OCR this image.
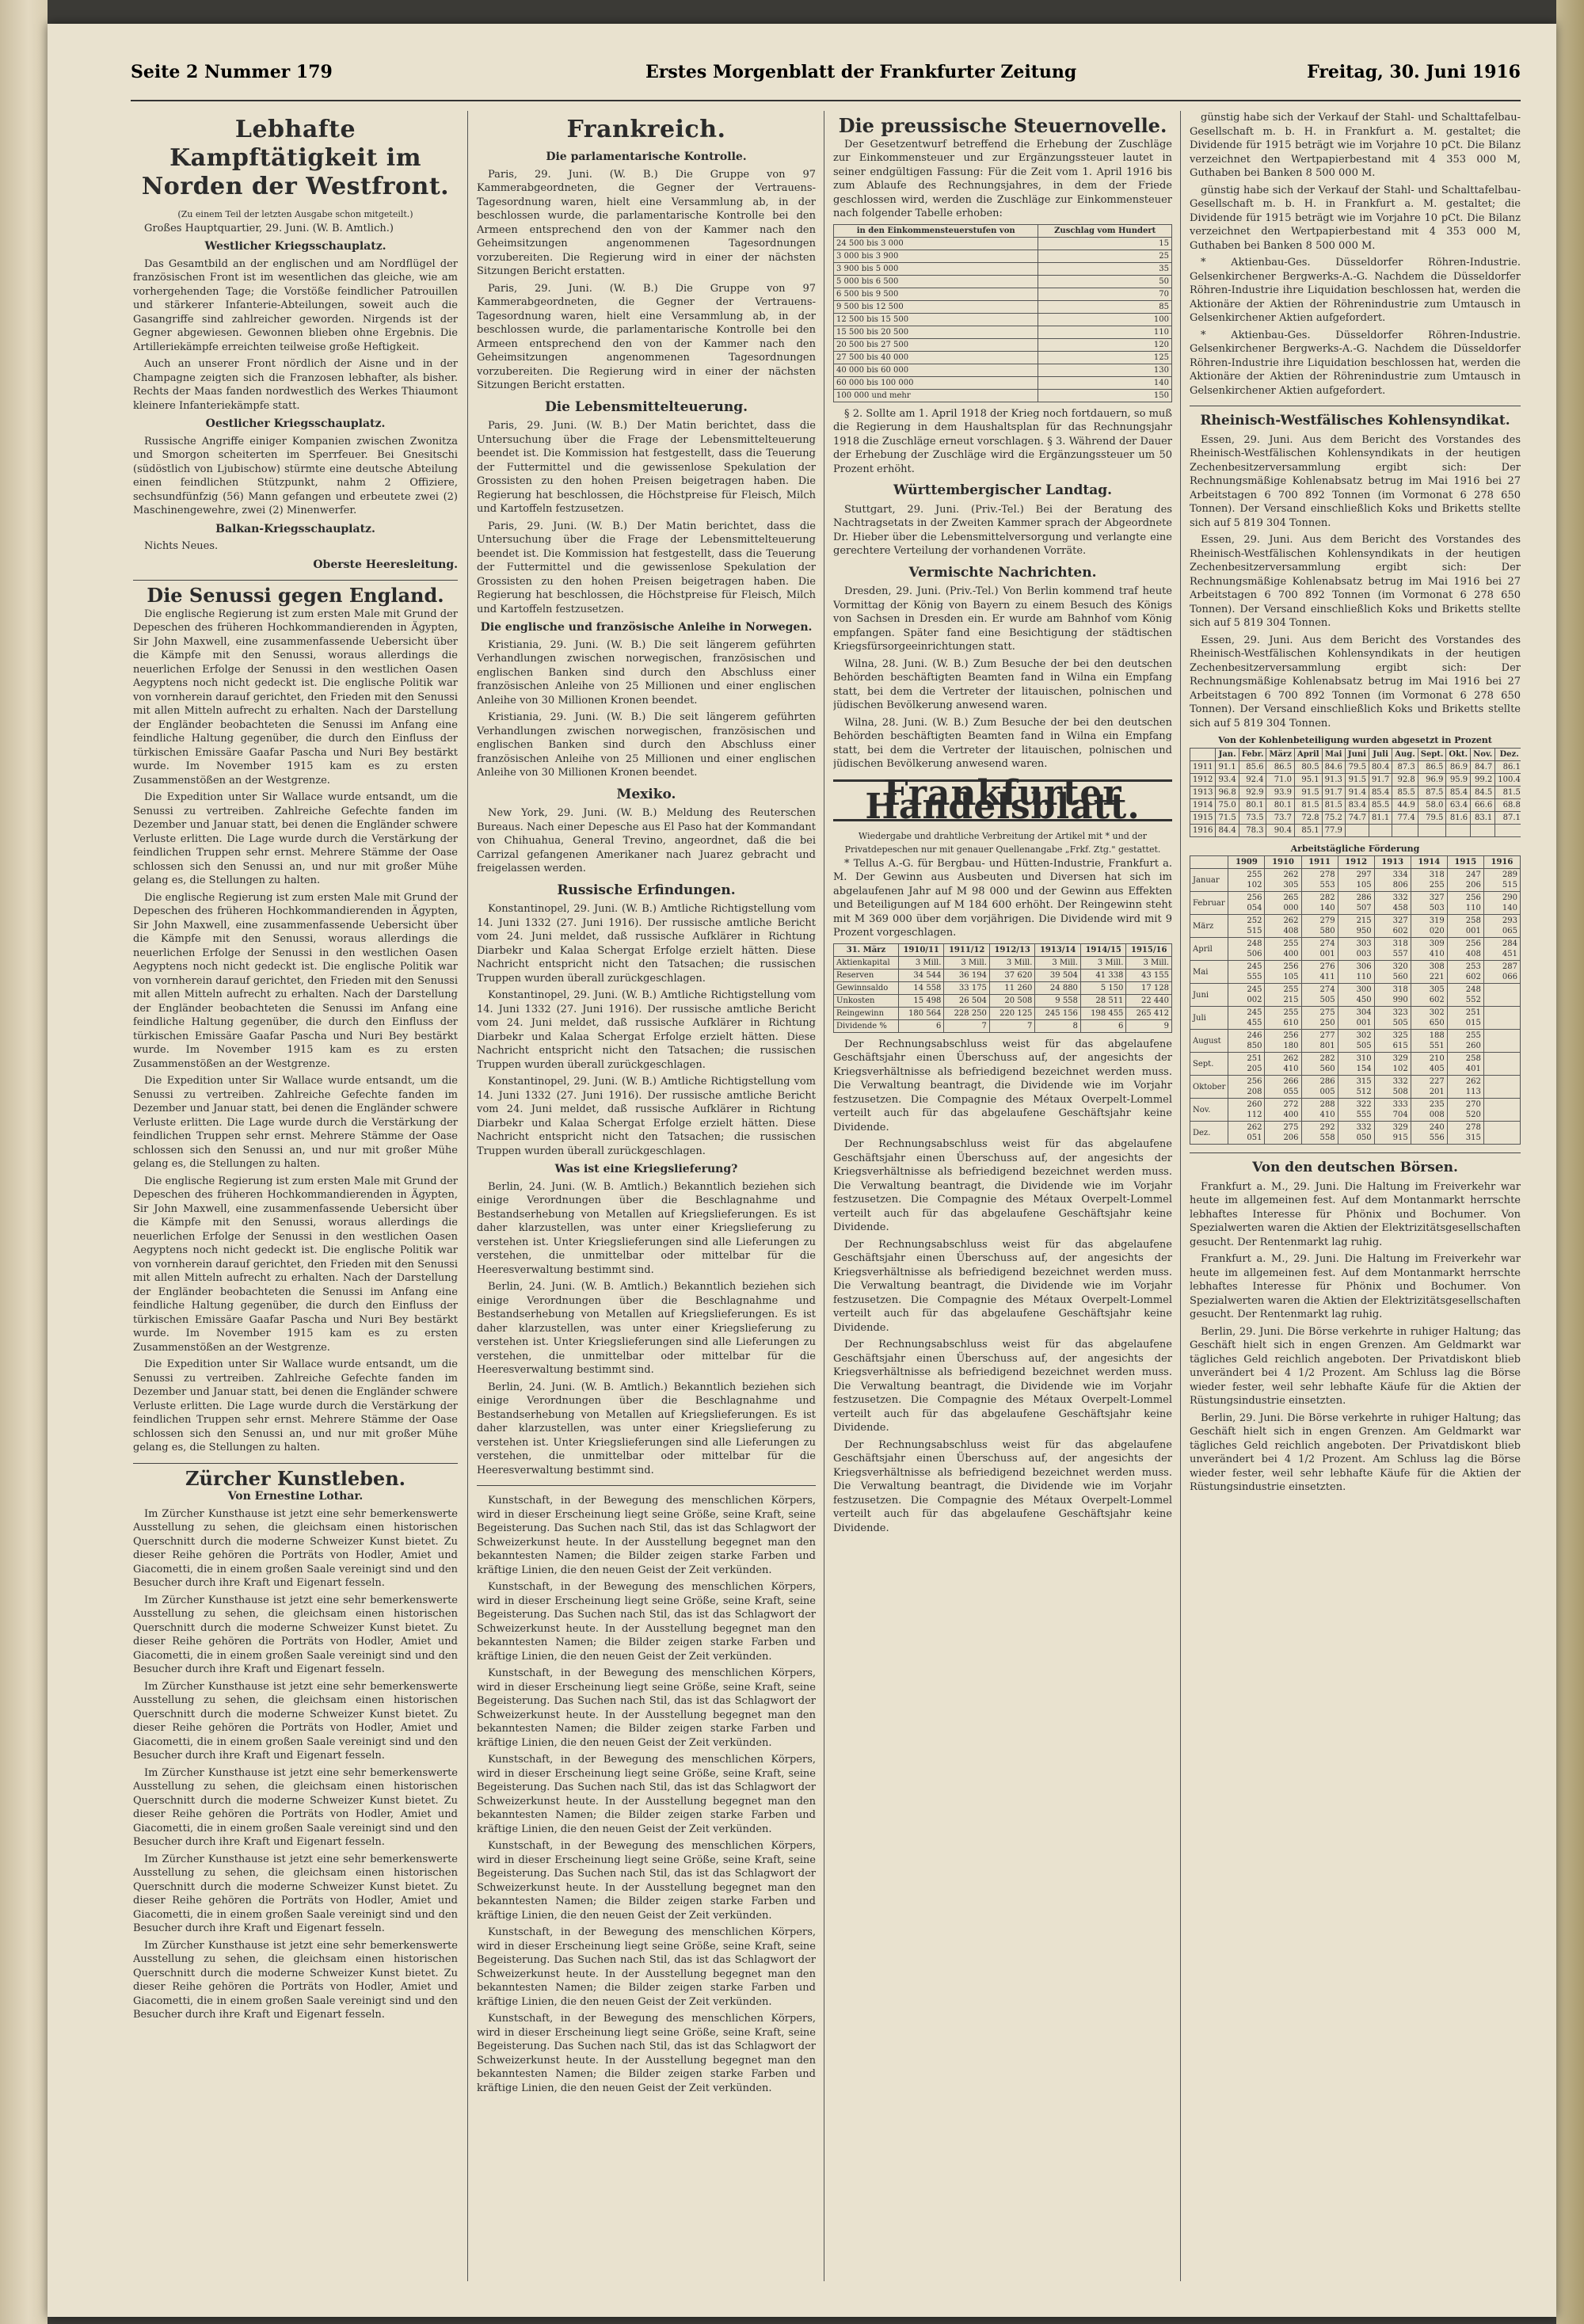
Seite 2 Nummer 179	Erstes Morgenblatt der Frankfurter Zeitung	Freitag, 30. Juni 1916
Lebhafte Kampftätigkeit im Norden der Westfront.
(Zu einem Teil der letzten Ausgabe schon mitgeteilt.)

Großes Hauptquartier, 29. Juni. (W. B. Amtlich.)

Westlicher Kriegsschauplatz.

Das Gesamtbild an der englischen und am Nordflügel der französischen Front ist im wesentlichen das gleiche, wie am vorhergehenden Tage; die Vorstöße feindlicher Patrouillen und stärkerer Infanterie-Abteilungen, soweit auch die Gasangriffe sind zahlreicher geworden. Nirgends ist der Gegner abgewiesen. Gewonnen blieben ohne Ergebnis. Die Artilleriekämpfe erreichten teilweise große Heftigkeit.

Auch an unserer Front nördlich der Aisne und in der Champagne zeigten sich die Franzosen lebhafter, als bisher. Rechts der Maas fanden nordwestlich des Werkes Thiaumont kleinere Infanteriekämpfe statt.

Oestlicher Kriegsschauplatz.

Russische Angriffe einiger Kompanien zwischen Zwonitza und Smorgon scheiterten im Sperrfeuer. Bei Gnesitschi (südöstlich von Ljubischow) stürmte eine deutsche Abteilung einen feindlichen Stützpunkt, nahm 2 Offiziere, sechsundfünfzig (56) Mann gefangen und erbeutete zwei (2) Maschinengewehre, zwei (2) Minenwerfer.

Balkan-Kriegsschauplatz.

Nichts Neues.

Oberste Heeresleitung.
Die Senussi gegen England.

Die englische Regierung ist zum ersten Male mit Grund der Depeschen des früheren Hochkommandierenden in Ägypten, Sir John Maxwell, eine zusammenfassende Uebersicht über die Kämpfe mit den Senussi, woraus allerdings die neuerlichen Erfolge der Senussi in den westlichen Oasen Aegyptens noch nicht gedeckt ist. Die englische Politik war von vornherein darauf gerichtet, den Frieden mit den Senussi mit allen Mitteln aufrecht zu erhalten. Nach der Darstellung der Engländer beobachteten die Senussi im Anfang eine feindliche Haltung gegenüber, die durch den Einfluss der türkischen Emissäre Gaafar Pascha und Nuri Bey bestärkt wurde. Im November 1915 kam es zu ersten Zusammenstößen an der Westgrenze.

Die Expedition unter Sir Wallace wurde entsandt, um die Senussi zu vertreiben. Zahlreiche Gefechte fanden im Dezember und Januar statt, bei denen die Engländer schwere Verluste erlitten. Die Lage wurde durch die Verstärkung der feindlichen Truppen sehr ernst. Mehrere Stämme der Oase schlossen sich den Senussi an, und nur mit großer Mühe gelang es, die Stellungen zu halten.

Die englische Regierung ist zum ersten Male mit Grund der Depeschen des früheren Hochkommandierenden in Ägypten, Sir John Maxwell, eine zusammenfassende Uebersicht über die Kämpfe mit den Senussi, woraus allerdings die neuerlichen Erfolge der Senussi in den westlichen Oasen Aegyptens noch nicht gedeckt ist. Die englische Politik war von vornherein darauf gerichtet, den Frieden mit den Senussi mit allen Mitteln aufrecht zu erhalten. Nach der Darstellung der Engländer beobachteten die Senussi im Anfang eine feindliche Haltung gegenüber, die durch den Einfluss der türkischen Emissäre Gaafar Pascha und Nuri Bey bestärkt wurde. Im November 1915 kam es zu ersten Zusammenstößen an der Westgrenze.

Die Expedition unter Sir Wallace wurde entsandt, um die Senussi zu vertreiben. Zahlreiche Gefechte fanden im Dezember und Januar statt, bei denen die Engländer schwere Verluste erlitten. Die Lage wurde durch die Verstärkung der feindlichen Truppen sehr ernst. Mehrere Stämme der Oase schlossen sich den Senussi an, und nur mit großer Mühe gelang es, die Stellungen zu halten.

Die englische Regierung ist zum ersten Male mit Grund der Depeschen des früheren Hochkommandierenden in Ägypten, Sir John Maxwell, eine zusammenfassende Uebersicht über die Kämpfe mit den Senussi, woraus allerdings die neuerlichen Erfolge der Senussi in den westlichen Oasen Aegyptens noch nicht gedeckt ist. Die englische Politik war von vornherein darauf gerichtet, den Frieden mit den Senussi mit allen Mitteln aufrecht zu erhalten. Nach der Darstellung der Engländer beobachteten die Senussi im Anfang eine feindliche Haltung gegenüber, die durch den Einfluss der türkischen Emissäre Gaafar Pascha und Nuri Bey bestärkt wurde. Im November 1915 kam es zu ersten Zusammenstößen an der Westgrenze.

Die Expedition unter Sir Wallace wurde entsandt, um die Senussi zu vertreiben. Zahlreiche Gefechte fanden im Dezember und Januar statt, bei denen die Engländer schwere Verluste erlitten. Die Lage wurde durch die Verstärkung der feindlichen Truppen sehr ernst. Mehrere Stämme der Oase schlossen sich den Senussi an, und nur mit großer Mühe gelang es, die Stellungen zu halten.

Zürcher Kunstleben.
Von Ernestine Lothar.

Im Zürcher Kunsthause ist jetzt eine sehr bemerkenswerte Ausstellung zu sehen, die gleichsam einen historischen Querschnitt durch die moderne Schweizer Kunst bietet. Zu dieser Reihe gehören die Porträts von Hodler, Amiet und Giacometti, die in einem großen Saale vereinigt sind und den Besucher durch ihre Kraft und Eigenart fesseln.

Im Zürcher Kunsthause ist jetzt eine sehr bemerkenswerte Ausstellung zu sehen, die gleichsam einen historischen Querschnitt durch die moderne Schweizer Kunst bietet. Zu dieser Reihe gehören die Porträts von Hodler, Amiet und Giacometti, die in einem großen Saale vereinigt sind und den Besucher durch ihre Kraft und Eigenart fesseln.

Im Zürcher Kunsthause ist jetzt eine sehr bemerkenswerte Ausstellung zu sehen, die gleichsam einen historischen Querschnitt durch die moderne Schweizer Kunst bietet. Zu dieser Reihe gehören die Porträts von Hodler, Amiet und Giacometti, die in einem großen Saale vereinigt sind und den Besucher durch ihre Kraft und Eigenart fesseln.

Im Zürcher Kunsthause ist jetzt eine sehr bemerkenswerte Ausstellung zu sehen, die gleichsam einen historischen Querschnitt durch die moderne Schweizer Kunst bietet. Zu dieser Reihe gehören die Porträts von Hodler, Amiet und Giacometti, die in einem großen Saale vereinigt sind und den Besucher durch ihre Kraft und Eigenart fesseln.

Im Zürcher Kunsthause ist jetzt eine sehr bemerkenswerte Ausstellung zu sehen, die gleichsam einen historischen Querschnitt durch die moderne Schweizer Kunst bietet. Zu dieser Reihe gehören die Porträts von Hodler, Amiet und Giacometti, die in einem großen Saale vereinigt sind und den Besucher durch ihre Kraft und Eigenart fesseln.

Im Zürcher Kunsthause ist jetzt eine sehr bemerkenswerte Ausstellung zu sehen, die gleichsam einen historischen Querschnitt durch die moderne Schweizer Kunst bietet. Zu dieser Reihe gehören die Porträts von Hodler, Amiet und Giacometti, die in einem großen Saale vereinigt sind und den Besucher durch ihre Kraft und Eigenart fesseln.

Frankreich.
Die parlamentarische Kontrolle.

Paris, 29. Juni. (W. B.) Die Gruppe von 97 Kammerabgeordneten, die Gegner der Vertrauens-Tagesordnung waren, hielt eine Versammlung ab, in der beschlossen wurde, die parlamentarische Kontrolle bei den Armeen entsprechend den von der Kammer nach den Geheimsitzungen angenommenen Tagesordnungen vorzubereiten. Die Regierung wird in einer der nächsten Sitzungen Bericht erstatten.

Paris, 29. Juni. (W. B.) Die Gruppe von 97 Kammerabgeordneten, die Gegner der Vertrauens-Tagesordnung waren, hielt eine Versammlung ab, in der beschlossen wurde, die parlamentarische Kontrolle bei den Armeen entsprechend den von der Kammer nach den Geheimsitzungen angenommenen Tagesordnungen vorzubereiten. Die Regierung wird in einer der nächsten Sitzungen Bericht erstatten.

Die Lebensmittelteuerung.

Paris, 29. Juni. (W. B.) Der Matin berichtet, dass die Untersuchung über die Frage der Lebensmittelteuerung beendet ist. Die Kommission hat festgestellt, dass die Teuerung der Futtermittel und die gewissenlose Spekulation der Grossisten zu den hohen Preisen beigetragen haben. Die Regierung hat beschlossen, die Höchstpreise für Fleisch, Milch und Kartoffeln festzusetzen.

Paris, 29. Juni. (W. B.) Der Matin berichtet, dass die Untersuchung über die Frage der Lebensmittelteuerung beendet ist. Die Kommission hat festgestellt, dass die Teuerung der Futtermittel und die gewissenlose Spekulation der Grossisten zu den hohen Preisen beigetragen haben. Die Regierung hat beschlossen, die Höchstpreise für Fleisch, Milch und Kartoffeln festzusetzen.

Die englische und französische Anleihe in Norwegen.

Kristiania, 29. Juni. (W. B.) Die seit längerem geführten Verhandlungen zwischen norwegischen, französischen und englischen Banken sind durch den Abschluss einer französischen Anleihe von 25 Millionen und einer englischen Anleihe von 30 Millionen Kronen beendet.

Kristiania, 29. Juni. (W. B.) Die seit längerem geführten Verhandlungen zwischen norwegischen, französischen und englischen Banken sind durch den Abschluss einer französischen Anleihe von 25 Millionen und einer englischen Anleihe von 30 Millionen Kronen beendet.

Mexiko.

New York, 29. Juni. (W. B.) Meldung des Reuterschen Bureaus. Nach einer Depesche aus El Paso hat der Kommandant von Chihuahua, General Trevino, angeordnet, daß die bei Carrizal gefangenen Amerikaner nach Juarez gebracht und freigelassen werden.

Russische Erfindungen.

Konstantinopel, 29. Juni. (W. B.) Amtliche Richtigstellung vom 14. Juni 1332 (27. Juni 1916). Der russische amtliche Bericht vom 24. Juni meldet, daß russische Aufklärer in Richtung Diarbekr und Kalaa Schergat Erfolge erzielt hätten. Diese Nachricht entspricht nicht den Tatsachen; die russischen Truppen wurden überall zurückgeschlagen.

Konstantinopel, 29. Juni. (W. B.) Amtliche Richtigstellung vom 14. Juni 1332 (27. Juni 1916). Der russische amtliche Bericht vom 24. Juni meldet, daß russische Aufklärer in Richtung Diarbekr und Kalaa Schergat Erfolge erzielt hätten. Diese Nachricht entspricht nicht den Tatsachen; die russischen Truppen wurden überall zurückgeschlagen.

Konstantinopel, 29. Juni. (W. B.) Amtliche Richtigstellung vom 14. Juni 1332 (27. Juni 1916). Der russische amtliche Bericht vom 24. Juni meldet, daß russische Aufklärer in Richtung Diarbekr und Kalaa Schergat Erfolge erzielt hätten. Diese Nachricht entspricht nicht den Tatsachen; die russischen Truppen wurden überall zurückgeschlagen.

Was ist eine Kriegslieferung?

Berlin, 24. Juni. (W. B. Amtlich.) Bekanntlich beziehen sich einige Verordnungen über die Beschlagnahme und Bestandserhebung von Metallen auf Kriegslieferungen. Es ist daher klarzustellen, was unter einer Kriegslieferung zu verstehen ist. Unter Kriegslieferungen sind alle Lieferungen zu verstehen, die unmittelbar oder mittelbar für die Heeresverwaltung bestimmt sind.

Berlin, 24. Juni. (W. B. Amtlich.) Bekanntlich beziehen sich einige Verordnungen über die Beschlagnahme und Bestandserhebung von Metallen auf Kriegslieferungen. Es ist daher klarzustellen, was unter einer Kriegslieferung zu verstehen ist. Unter Kriegslieferungen sind alle Lieferungen zu verstehen, die unmittelbar oder mittelbar für die Heeresverwaltung bestimmt sind.

Berlin, 24. Juni. (W. B. Amtlich.) Bekanntlich beziehen sich einige Verordnungen über die Beschlagnahme und Bestandserhebung von Metallen auf Kriegslieferungen. Es ist daher klarzustellen, was unter einer Kriegslieferung zu verstehen ist. Unter Kriegslieferungen sind alle Lieferungen zu verstehen, die unmittelbar oder mittelbar für die Heeresverwaltung bestimmt sind.

Kunstschaft, in der Bewegung des menschlichen Körpers, wird in dieser Erscheinung liegt seine Größe, seine Kraft, seine Begeisterung. Das Suchen nach Stil, das ist das Schlagwort der Schweizerkunst heute. In der Ausstellung begegnet man den bekanntesten Namen; die Bilder zeigen starke Farben und kräftige Linien, die den neuen Geist der Zeit verkünden.

Kunstschaft, in der Bewegung des menschlichen Körpers, wird in dieser Erscheinung liegt seine Größe, seine Kraft, seine Begeisterung. Das Suchen nach Stil, das ist das Schlagwort der Schweizerkunst heute. In der Ausstellung begegnet man den bekanntesten Namen; die Bilder zeigen starke Farben und kräftige Linien, die den neuen Geist der Zeit verkünden.

Kunstschaft, in der Bewegung des menschlichen Körpers, wird in dieser Erscheinung liegt seine Größe, seine Kraft, seine Begeisterung. Das Suchen nach Stil, das ist das Schlagwort der Schweizerkunst heute. In der Ausstellung begegnet man den bekanntesten Namen; die Bilder zeigen starke Farben und kräftige Linien, die den neuen Geist der Zeit verkünden.

Kunstschaft, in der Bewegung des menschlichen Körpers, wird in dieser Erscheinung liegt seine Größe, seine Kraft, seine Begeisterung. Das Suchen nach Stil, das ist das Schlagwort der Schweizerkunst heute. In der Ausstellung begegnet man den bekanntesten Namen; die Bilder zeigen starke Farben und kräftige Linien, die den neuen Geist der Zeit verkünden.

Kunstschaft, in der Bewegung des menschlichen Körpers, wird in dieser Erscheinung liegt seine Größe, seine Kraft, seine Begeisterung. Das Suchen nach Stil, das ist das Schlagwort der Schweizerkunst heute. In der Ausstellung begegnet man den bekanntesten Namen; die Bilder zeigen starke Farben und kräftige Linien, die den neuen Geist der Zeit verkünden.

Kunstschaft, in der Bewegung des menschlichen Körpers, wird in dieser Erscheinung liegt seine Größe, seine Kraft, seine Begeisterung. Das Suchen nach Stil, das ist das Schlagwort der Schweizerkunst heute. In der Ausstellung begegnet man den bekanntesten Namen; die Bilder zeigen starke Farben und kräftige Linien, die den neuen Geist der Zeit verkünden.

Kunstschaft, in der Bewegung des menschlichen Körpers, wird in dieser Erscheinung liegt seine Größe, seine Kraft, seine Begeisterung. Das Suchen nach Stil, das ist das Schlagwort der Schweizerkunst heute. In der Ausstellung begegnet man den bekanntesten Namen; die Bilder zeigen starke Farben und kräftige Linien, die den neuen Geist der Zeit verkünden.

Die preussische Steuernovelle.

Der Gesetzentwurf betreffend die Erhebung der Zuschläge zur Einkommensteuer und zur Ergänzungssteuer lautet in seiner endgültigen Fassung: Für die Zeit vom 1. April 1916 bis zum Ablaufe des Rechnungsjahres, in dem der Friede geschlossen wird, werden die Zuschläge zur Einkommensteuer nach folgender Tabelle erhoben:

in den Einkommensteuerstufen von	Zuschlag vom Hundert
24 500 bis 3 000	15
3 000 bis 3 900	25
3 900 bis 5 000	35
5 000 bis 6 500	50
6 500 bis 9 500	70
9 500 bis 12 500	85
12 500 bis 15 500	100
15 500 bis 20 500	110
20 500 bis 27 500	120
27 500 bis 40 000	125
40 000 bis 60 000	130
60 000 bis 100 000	140
100 000 und mehr	150

§ 2. Sollte am 1. April 1918 der Krieg noch fortdauern, so muß die Regierung in dem Haushaltsplan für das Rechnungsjahr 1918 die Zuschläge erneut vorschlagen. § 3. Während der Dauer der Erhebung der Zuschläge wird die Ergänzungssteuer um 50 Prozent erhöht.

Württembergischer Landtag.

Stuttgart, 29. Juni. (Priv.-Tel.) Bei der Beratung des Nachtragsetats in der Zweiten Kammer sprach der Abgeordnete Dr. Hieber über die Lebensmittelversorgung und verlangte eine gerechtere Verteilung der vorhandenen Vorräte.

Vermischte Nachrichten.

Dresden, 29. Juni. (Priv.-Tel.) Von Berlin kommend traf heute Vormittag der König von Bayern zu einem Besuch des Königs von Sachsen in Dresden ein. Er wurde am Bahnhof vom König empfangen. Später fand eine Besichtigung der städtischen Kriegsfürsorgeeinrichtungen statt.

Wilna, 28. Juni. (W. B.) Zum Besuche der bei den deutschen Behörden beschäftigten Beamten fand in Wilna ein Empfang statt, bei dem die Vertreter der litauischen, polnischen und jüdischen Bevölkerung anwesend waren.

Wilna, 28. Juni. (W. B.) Zum Besuche der bei den deutschen Behörden beschäftigten Beamten fand in Wilna ein Empfang statt, bei dem die Vertreter der litauischen, polnischen und jüdischen Bevölkerung anwesend waren.

Frankfurter Handelsblatt.
Wiedergabe und drahtliche Verbreitung der Artikel mit * und der Privatdepeschen nur mit genauer Quellenangabe „Frkf. Ztg." gestattet.

* Tellus A.-G. für Bergbau- und Hütten-Industrie, Frankfurt a. M. Der Gewinn aus Ausbeuten und Diversen hat sich im abgelaufenen Jahr auf M 98 000 und der Gewinn aus Effekten und Beteiligungen auf M 184 600 erhöht. Der Reingewinn steht mit M 369 000 über dem vorjährigen. Die Dividende wird mit 9 Prozent vorgeschlagen.

31. März	1910/11	1911/12	1912/13	1913/14	1914/15	1915/16
Aktienkapital	3 Mill.	3 Mill.	3 Mill.	3 Mill.	3 Mill.	3 Mill.
Reserven	34 544	36 194	37 620	39 504	41 338	43 155
Gewinnsaldo	14 558	33 175	11 260	24 880	5 150	17 128
Unkosten	15 498	26 504	20 508	9 558	28 511	22 440
Reingewinn	180 564	228 250	220 125	245 156	198 455	265 412
Dividende %	6	7	7	8	6	9

Der Rechnungsabschluss weist für das abgelaufene Geschäftsjahr einen Überschuss auf, der angesichts der Kriegsverhältnisse als befriedigend bezeichnet werden muss. Die Verwaltung beantragt, die Dividende wie im Vorjahr festzusetzen. Die Compagnie des Métaux Overpelt-Lommel verteilt auch für das abgelaufene Geschäftsjahr keine Dividende.

Der Rechnungsabschluss weist für das abgelaufene Geschäftsjahr einen Überschuss auf, der angesichts der Kriegsverhältnisse als befriedigend bezeichnet werden muss. Die Verwaltung beantragt, die Dividende wie im Vorjahr festzusetzen. Die Compagnie des Métaux Overpelt-Lommel verteilt auch für das abgelaufene Geschäftsjahr keine Dividende.

Der Rechnungsabschluss weist für das abgelaufene Geschäftsjahr einen Überschuss auf, der angesichts der Kriegsverhältnisse als befriedigend bezeichnet werden muss. Die Verwaltung beantragt, die Dividende wie im Vorjahr festzusetzen. Die Compagnie des Métaux Overpelt-Lommel verteilt auch für das abgelaufene Geschäftsjahr keine Dividende.

Der Rechnungsabschluss weist für das abgelaufene Geschäftsjahr einen Überschuss auf, der angesichts der Kriegsverhältnisse als befriedigend bezeichnet werden muss. Die Verwaltung beantragt, die Dividende wie im Vorjahr festzusetzen. Die Compagnie des Métaux Overpelt-Lommel verteilt auch für das abgelaufene Geschäftsjahr keine Dividende.

Der Rechnungsabschluss weist für das abgelaufene Geschäftsjahr einen Überschuss auf, der angesichts der Kriegsverhältnisse als befriedigend bezeichnet werden muss. Die Verwaltung beantragt, die Dividende wie im Vorjahr festzusetzen. Die Compagnie des Métaux Overpelt-Lommel verteilt auch für das abgelaufene Geschäftsjahr keine Dividende.

günstig habe sich der Verkauf der Stahl- und Schalttafelbau-Gesellschaft m. b. H. in Frankfurt a. M. gestaltet; die Dividende für 1915 beträgt wie im Vorjahre 10 pCt. Die Bilanz verzeichnet den Wertpapierbestand mit 4 353 000 M, Guthaben bei Banken 8 500 000 M.

günstig habe sich der Verkauf der Stahl- und Schalttafelbau-Gesellschaft m. b. H. in Frankfurt a. M. gestaltet; die Dividende für 1915 beträgt wie im Vorjahre 10 pCt. Die Bilanz verzeichnet den Wertpapierbestand mit 4 353 000 M, Guthaben bei Banken 8 500 000 M.

* Aktienbau-Ges. Düsseldorfer Röhren-Industrie. Gelsenkirchener Bergwerks-A.-G. Nachdem die Düsseldorfer Röhren-Industrie ihre Liquidation beschlossen hat, werden die Aktionäre der Aktien der Röhrenindustrie zum Umtausch in Gelsenkirchener Aktien aufgefordert.

* Aktienbau-Ges. Düsseldorfer Röhren-Industrie. Gelsenkirchener Bergwerks-A.-G. Nachdem die Düsseldorfer Röhren-Industrie ihre Liquidation beschlossen hat, werden die Aktionäre der Aktien der Röhrenindustrie zum Umtausch in Gelsenkirchener Aktien aufgefordert.

Rheinisch-Westfälisches Kohlensyndikat.

Essen, 29. Juni. Aus dem Bericht des Vorstandes des Rheinisch-Westfälischen Kohlensyndikats in der heutigen Zechenbesitzerversammlung ergibt sich: Der Rechnungsmäßige Kohlenabsatz betrug im Mai 1916 bei 27 Arbeitstagen 6 700 892 Tonnen (im Vormonat 6 278 650 Tonnen). Der Versand einschließlich Koks und Briketts stellte sich auf 5 819 304 Tonnen.

Essen, 29. Juni. Aus dem Bericht des Vorstandes des Rheinisch-Westfälischen Kohlensyndikats in der heutigen Zechenbesitzerversammlung ergibt sich: Der Rechnungsmäßige Kohlenabsatz betrug im Mai 1916 bei 27 Arbeitstagen 6 700 892 Tonnen (im Vormonat 6 278 650 Tonnen). Der Versand einschließlich Koks und Briketts stellte sich auf 5 819 304 Tonnen.

Essen, 29. Juni. Aus dem Bericht des Vorstandes des Rheinisch-Westfälischen Kohlensyndikats in der heutigen Zechenbesitzerversammlung ergibt sich: Der Rechnungsmäßige Kohlenabsatz betrug im Mai 1916 bei 27 Arbeitstagen 6 700 892 Tonnen (im Vormonat 6 278 650 Tonnen). Der Versand einschließlich Koks und Briketts stellte sich auf 5 819 304 Tonnen.

Von der Kohlenbeteiligung wurden abgesetzt in Prozent
	Jan.	Febr.	März	April	Mai	Juni	Juli	Aug.	Sept.	Okt.	Nov.	Dez.
1911	91.1	85.6	86.5	80.5	84.6	79.5	80.4	87.3	86.5	86.9	84.7	86.1
1912	93.4	92.4	71.0	95.1	91.3	91.5	91.7	92.8	96.9	95.9	99.2	100.4
1913	96.8	92.9	93.9	91.5	91.7	91.4	85.4	85.5	87.5	85.4	84.5	81.5
1914	75.0	80.1	80.1	81.5	81.5	83.4	85.5	44.9	58.0	63.4	66.6	68.8
1915	71.5	73.5	73.7	72.8	75.2	74.7	81.1	77.4	79.5	81.6	83.1	87.1
1916	84.4	78.3	90.4	85.1	77.9							
Arbeitstägliche Förderung
	1909	1910	1911	1912	1913	1914	1915	1916
Januar	255 102	262 305	278 553	297 105	334 806	318 255	247 206	289 515
Februar	256 054	265 000	282 140	286 507	332 458	327 503	256 110	290 140
März	252 515	262 408	279 580	215 950	327 602	319 020	258 001	293 065
April	248 506	255 400	274 001	303 003	318 557	309 410	256 408	284 451
Mai	245 555	256 105	276 411	306 110	320 560	308 221	253 602	287 066
Juni	245 002	255 215	274 505	300 450	318 990	305 602	248 552	
Juli	245 455	255 610	275 250	304 001	323 505	302 650	251 015	
August	246 850	256 180	277 801	302 505	325 615	188 551	255 260	
Sept.	251 205	262 410	282 560	310 154	329 102	210 405	258 401	
Oktober	256 208	266 055	286 005	315 512	332 508	227 201	262 113	
Nov.	260 112	272 400	288 410	322 555	333 704	235 008	270 520	
Dez.	262 051	275 206	292 558	332 050	329 915	240 556	278 315	
Von den deutschen Börsen.

Frankfurt a. M., 29. Juni. Die Haltung im Freiverkehr war heute im allgemeinen fest. Auf dem Montanmarkt herrschte lebhaftes Interesse für Phönix und Bochumer. Von Spezialwerten waren die Aktien der Elektrizitätsgesellschaften gesucht. Der Rentenmarkt lag ruhig.

Frankfurt a. M., 29. Juni. Die Haltung im Freiverkehr war heute im allgemeinen fest. Auf dem Montanmarkt herrschte lebhaftes Interesse für Phönix und Bochumer. Von Spezialwerten waren die Aktien der Elektrizitätsgesellschaften gesucht. Der Rentenmarkt lag ruhig.

Berlin, 29. Juni. Die Börse verkehrte in ruhiger Haltung; das Geschäft hielt sich in engen Grenzen. Am Geldmarkt war tägliches Geld reichlich angeboten. Der Privatdiskont blieb unverändert bei 4 1/2 Prozent. Am Schluss lag die Börse wieder fester, weil sehr lebhafte Käufe für die Aktien der Rüstungsindustrie einsetzten.

Berlin, 29. Juni. Die Börse verkehrte in ruhiger Haltung; das Geschäft hielt sich in engen Grenzen. Am Geldmarkt war tägliches Geld reichlich angeboten. Der Privatdiskont blieb unverändert bei 4 1/2 Prozent. Am Schluss lag die Börse wieder fester, weil sehr lebhafte Käufe für die Aktien der Rüstungsindustrie einsetzten.
